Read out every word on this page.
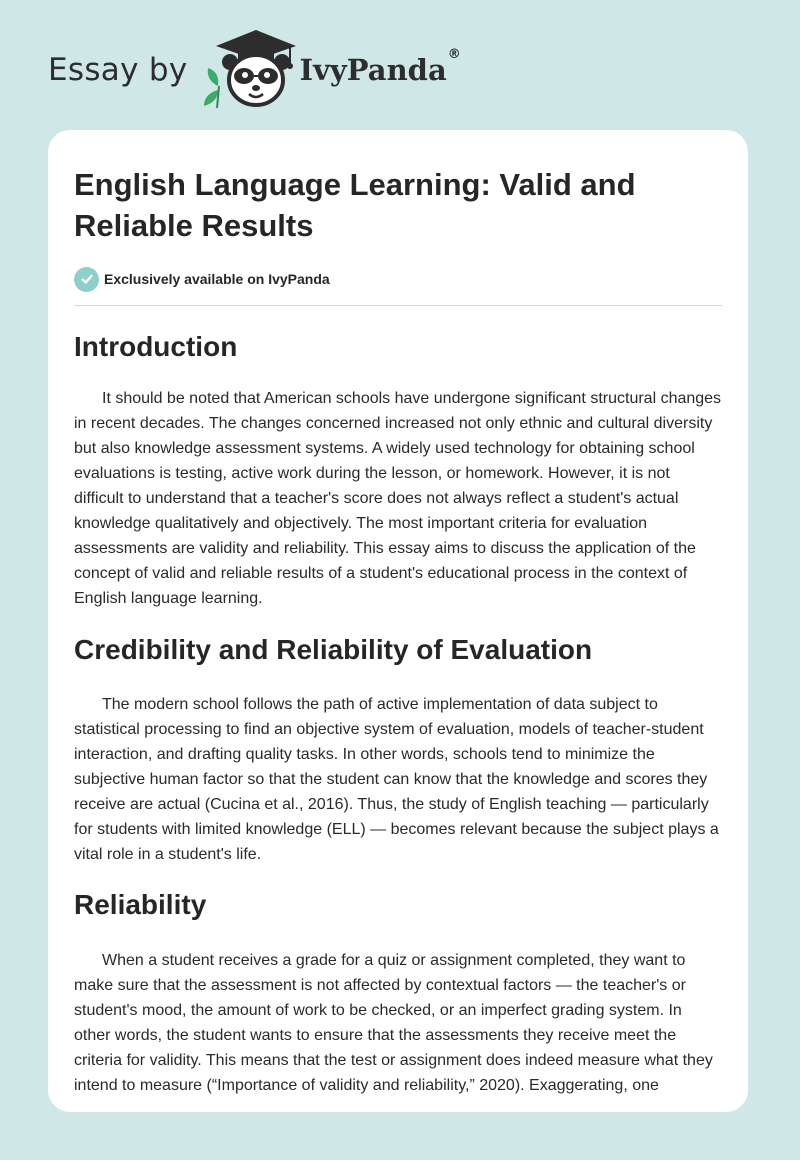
Essay by	IvyPanda®
English Language Learning: Valid and Reliable Results
Exclusively available on IvyPanda
Introduction

It should be noted that American schools have undergone significant structural changes in recent decades. The changes concerned increased not only ethnic and cultural diversity but also knowledge assessment systems. A widely used technology for obtaining school evaluations is testing, active work during the lesson, or homework. However, it is not difficult to understand that a teacher's score does not always reflect a student's actual knowledge qualitatively and objectively. The most important criteria for evaluation assessments are validity and reliability. This essay aims to discuss the application of the concept of valid and reliable results of a student's educational process in the context of English language learning.

Credibility and Reliability of Evaluation

The modern school follows the path of active implementation of data subject to statistical processing to find an objective system of evaluation, models of teacher-student interaction, and drafting quality tasks. In other words, schools tend to minimize the subjective human factor so that the student can know that the knowledge and scores they receive are actual (Cucina et al., 2016). Thus, the study of English teaching — particularly for students with limited knowledge (ELL) — becomes relevant because the subject plays a vital role in a student's life.

Reliability

When a student receives a grade for a quiz or assignment completed, they want to make sure that the assessment is not affected by contextual factors — the teacher's or student's mood, the amount of work to be checked, or an imperfect grading system. In other words, the student wants to ensure that the assessments they receive meet the criteria for validity. This means that the test or assignment does indeed measure what they intend to measure (“Importance of validity and reliability,” 2020). Exaggerating, one
